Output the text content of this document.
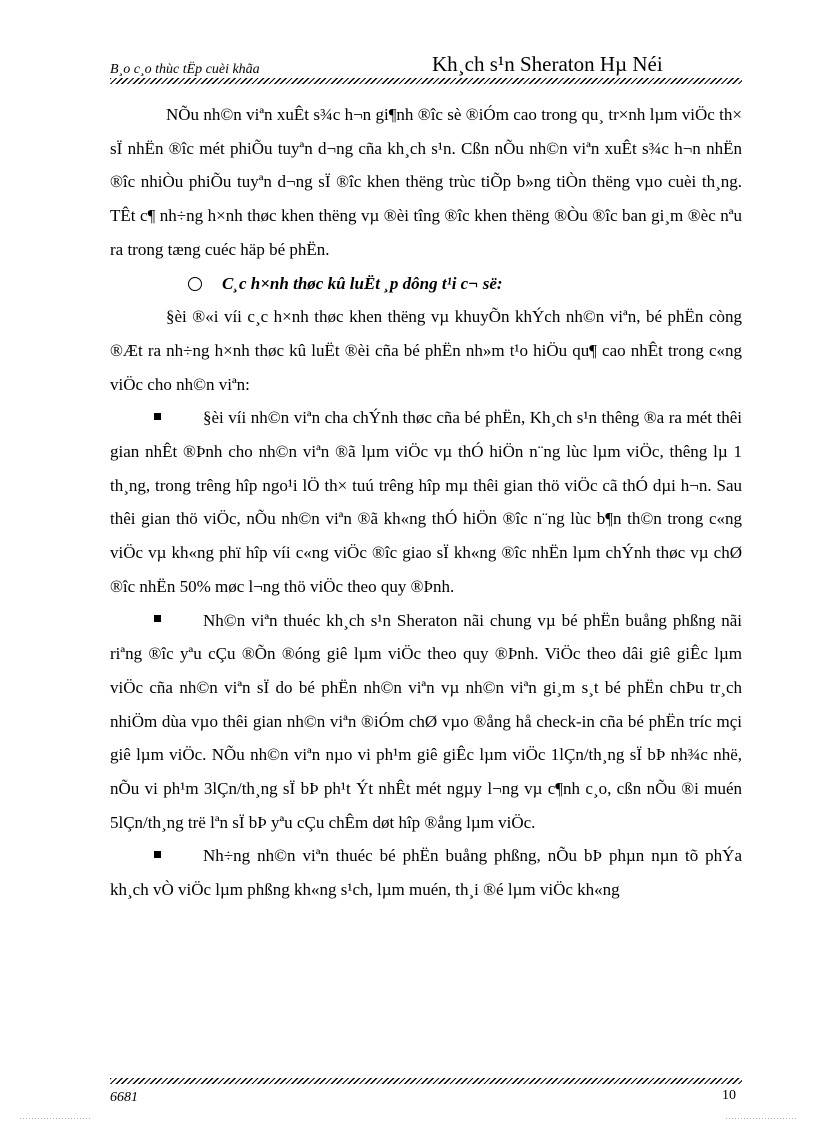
B¸o c¸o thùc tËp cuèi khãa	Kh¸ch s¹n Sheraton Hµ Néi

NÕu nh©n viªn xuÊt s¾c h¬n gi¶nh ®îc sè ®iÓm cao trong qu¸ tr×nh lµm viÖc th× sÏ nhËn ®îc mét phiÕu tuyªn d¬ng cña kh¸ch s¹n. Cßn nÕu nh©n viªn xuÊt s¾c h¬n nhËn ®îc nhiÒu phiÕu tuyªn d¬ng sÏ ®îc khen thëng trùc tiÕp b»ng tiÒn thëng vµo cuèi th¸ng. TÊt c¶ nh÷ng h×nh thøc khen thëng vµ ®èi tîng ®îc khen thëng ®Òu ®îc ban gi¸m ®èc nªu ra trong tæng cuéc häp bé phËn.

C¸c h×nh thøc kû luËt ¸p dông t¹i c¬ së:

§èi ®«i víi c¸c h×nh thøc khen thëng vµ khuyÕn khÝch nh©n viªn, bé phËn còng ®Æt ra nh÷ng h×nh thøc kû luËt ®èi cña bé phËn nh»m t¹o hiÖu qu¶ cao nhÊt trong c«ng viÖc cho nh©n viªn:

§èi víi nh©n viªn cha chÝnh thøc cña bé phËn, Kh¸ch s¹n thêng ®a ra mét thêi gian nhÊt ®Þnh cho nh©n viªn ®ã lµm viÖc vµ thÓ hiÖn n¨ng lùc lµm viÖc, thêng lµ 1 th¸ng, trong trêng hîp ngo¹i lÖ th× tuú trêng hîp mµ thêi gian thö viÖc cã thÓ dµi h¬n. Sau thêi gian thö viÖc, nÕu nh©n viªn ®ã kh«ng thÓ hiÖn ®îc n¨ng lùc b¶n th©n trong c«ng viÖc vµ kh«ng phï hîp víi c«ng viÖc ®îc giao sÏ kh«ng ®îc nhËn lµm chÝnh thøc vµ chØ ®îc nhËn 50% møc l¬ng thö viÖc theo quy ®Þnh.

Nh©n viªn thuéc kh¸ch s¹n Sheraton nãi chung vµ bé phËn buång phßng nãi riªng ®îc yªu cÇu ®Õn ®óng giê lµm viÖc theo quy ®Þnh. ViÖc theo dâi giê giÊc lµm viÖc cña nh©n viªn sÏ do bé phËn nh©n viªn vµ nh©n viªn gi¸m s¸t bé phËn chÞu tr¸ch nhiÖm dùa vµo thêi gian nh©n viªn ®iÓm chØ vµo ®ång hå check-in cña bé phËn tríc mçi giê lµm viÖc. NÕu nh©n viªn nµo vi ph¹m giê giÊc lµm viÖc 1lÇn/th¸ng sÏ bÞ nh¾c nhë, nÕu vi ph¹m 3lÇn/th¸ng sÏ bÞ ph¹t Ýt nhÊt mét ngµy l¬ng vµ c¶nh c¸o, cßn nÕu ®i muén 5lÇn/th¸ng trë lªn sÏ bÞ yªu cÇu chÊm døt hîp ®ång lµm viÖc.

Nh÷ng nh©n viªn thuéc bé phËn buång phßng, nÕu bÞ phµn nµn tõ phÝa kh¸ch vÒ viÖc lµm phßng kh«ng s¹ch, lµm muén, th¸i ®é lµm viÖc kh«ng

6681	10
